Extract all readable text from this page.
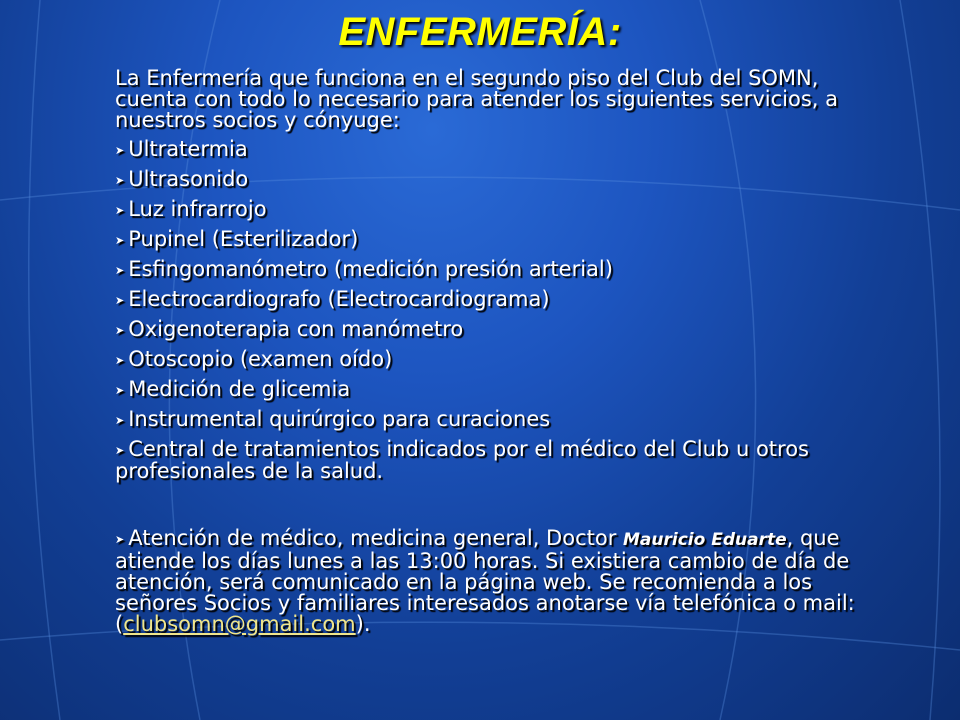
ENFERMERÍA:

La Enfermería que funciona en el segundo piso del Club del SOMN, cuenta con todo lo necesario para atender los siguientes servicios, a nuestros socios y cónyuge:

➤ Ultratermia
➤ Ultrasonido
➤ Luz infrarrojo
➤ Pupinel (Esterilizador)
➤ Esfingomanómetro (medición presión arterial)
➤ Electrocardiografo (Electrocardiograma)
➤ Oxigenoterapia con manómetro
➤ Otoscopio (examen oído)
➤ Medición de glicemia
➤ Instrumental quirúrgico para curaciones
➤ Central de tratamientos indicados por el médico del Club u otros profesionales de la salud.
➤ Atención de médico, medicina general, Doctor Mauricio Eduarte, que atiende los días lunes a las 13:00 horas. Si existiera cambio de día de atención, será comunicado en la página web. Se recomienda a los señores Socios y familiares interesados anotarse vía telefónica o mail: (clubsomn@gmail.com).
